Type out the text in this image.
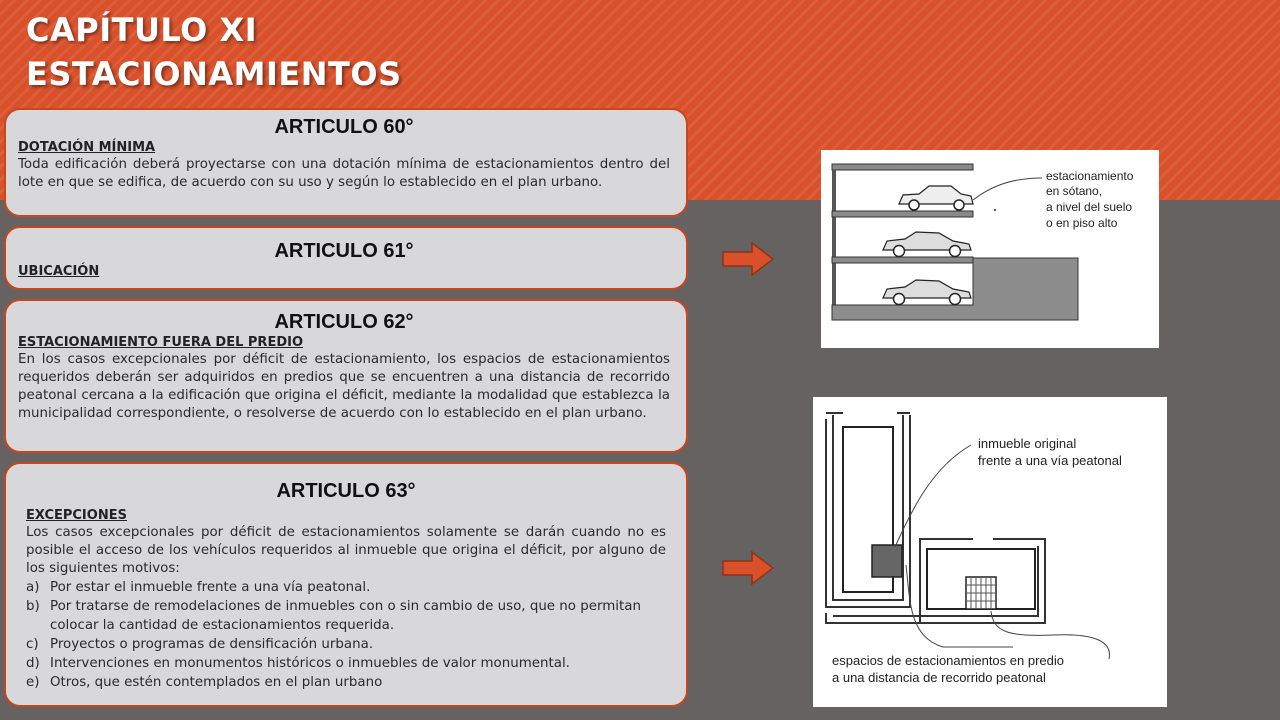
CAPÍTULO XI
ESTACIONAMIENTOS
ARTICULO 60°
DOTACIÓN MÍNIMA

Toda edificación deberá proyectarse con una dotación mínima de estacionamientos dentro del lote en que se edifica, de acuerdo con su uso y según lo establecido en el plan urbano.

ARTICULO 61°
UBICACIÓN
ARTICULO 62°
ESTACIONAMIENTO FUERA DEL PREDIO

En los casos excepcionales por déficit de estacionamiento, los espacios de estacionamientos requeridos deberán ser adquiridos en predios que se encuentren a una distancia de recorrido peatonal cercana a la edificación que origina el déficit, mediante la modalidad que establezca la municipalidad correspondiente, o resolverse de acuerdo con lo establecido en el plan urbano.

ARTICULO 63°
EXCEPCIONES

Los casos excepcionales por déficit de estacionamientos solamente se darán cuando no es posible el acceso de los vehículos requeridos al inmueble que origina el déficit, por alguno de los siguientes motivos:

a) Por estar el inmueble frente a una vía peatonal.
b) Por tratarse de remodelaciones de inmuebles con o sin cambio de uso, que no permitan colocar la cantidad de estacionamientos requerida.
c) Proyectos o programas de densificación urbana.
d) Intervenciones en monumentos históricos o inmuebles de valor monumental.
e) Otros, que estén contemplados en el plan urbano
estacionamiento
en sótano,
a nivel del suelo
o en piso alto
inmueble original
frente a una vía peatonal
espacios de estacionamientos en predio
a una distancia de recorrido peatonal
